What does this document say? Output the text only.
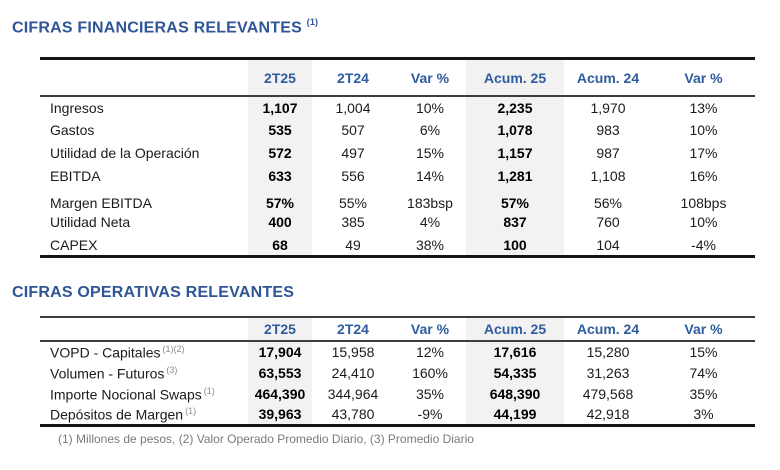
CIFRAS FINANCIERAS RELEVANTES $^{(1)}$
	2T25	2T24	Var %	Acum. 25	Acum. 24	Var %
Ingresos	1,107	1,004	10%	2,235	1,970	13%
Gastos	535	507	6%	1,078	983	10%
Utilidad de la Operación	572	497	15%	1,157	987	17%
EBITDA	633	556	14%	1,281	1,108	16%
Margen EBITDA	57%	55%	183bsp	57%	56%	108bps
Utilidad Neta	400	385	4%	837	760	10%
CAPEX	68	49	38%	100	104	-4%
CIFRAS OPERATIVAS RELEVANTES
	2T25	2T24	Var %	Acum. 25	Acum. 24	Var %
VOPD - Capitales $^{(1)(2)}$	17,904	15,958	12%	17,616	15,280	15%
Volumen - Futuros $^{(3)}$	63,553	24,410	160%	54,335	31,263	74%
Importe Nocional Swaps $^{(1)}$	464,390	344,964	35%	648,390	479,568	35%
Depósitos de Margen $^{(1)}$	39,963	43,780	-9%	44,199	42,918	3%
(1) Millones de pesos, (2) Valor Operado Promedio Diario, (3) Promedio Diario
